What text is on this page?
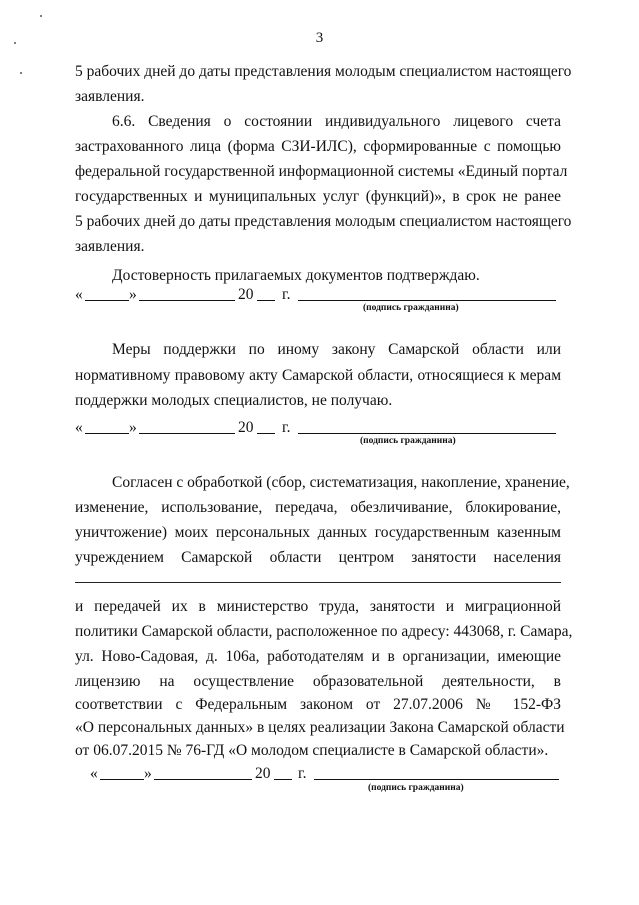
3
5 рабочих дней до даты представления молодым специалистом настоящего
заявления.
6.6. Сведения о состоянии индивидуального лицевого счета
застрахованного лица (форма СЗИ-ИЛС), сформированные с помощью
федеральной государственной информационной системы «Единый портал
государственных и муниципальных услуг (функций)», в срок не ранее
5 рабочих дней до даты представления молодым специалистом настоящего
заявления.
Достоверность прилагаемых документов подтверждаю.
«	»	20 г.
(подпись гражданина)
Меры поддержки по иному закону Самарской области или
нормативному правовому акту Самарской области, относящиеся к мерам
поддержки молодых специалистов, не получаю.
«	»	20 г.
(подпись гражданина)
Согласен с обработкой (сбор, систематизация, накопление, хранение,
изменение, использование, передача, обезличивание, блокирование,
уничтожение) моих персональных данных государственным казенным
учреждением Самарской области центром занятости населения
и передачей их в министерство труда, занятости и миграционной
политики Самарской области, расположенное по адресу: 443068, г. Самара,
ул. Ново-Садовая, д. 106а, работодателям и в организации, имеющие
лицензию на осуществление образовательной деятельности, в
соответствии с Федеральным законом от 27.07.2006 № 152-ФЗ
«О персональных данных» в целях реализации Закона Самарской области
от 06.07.2015 № 76-ГД «О молодом специалисте в Самарской области».
«	»	20 г.
(подпись гражданина)
